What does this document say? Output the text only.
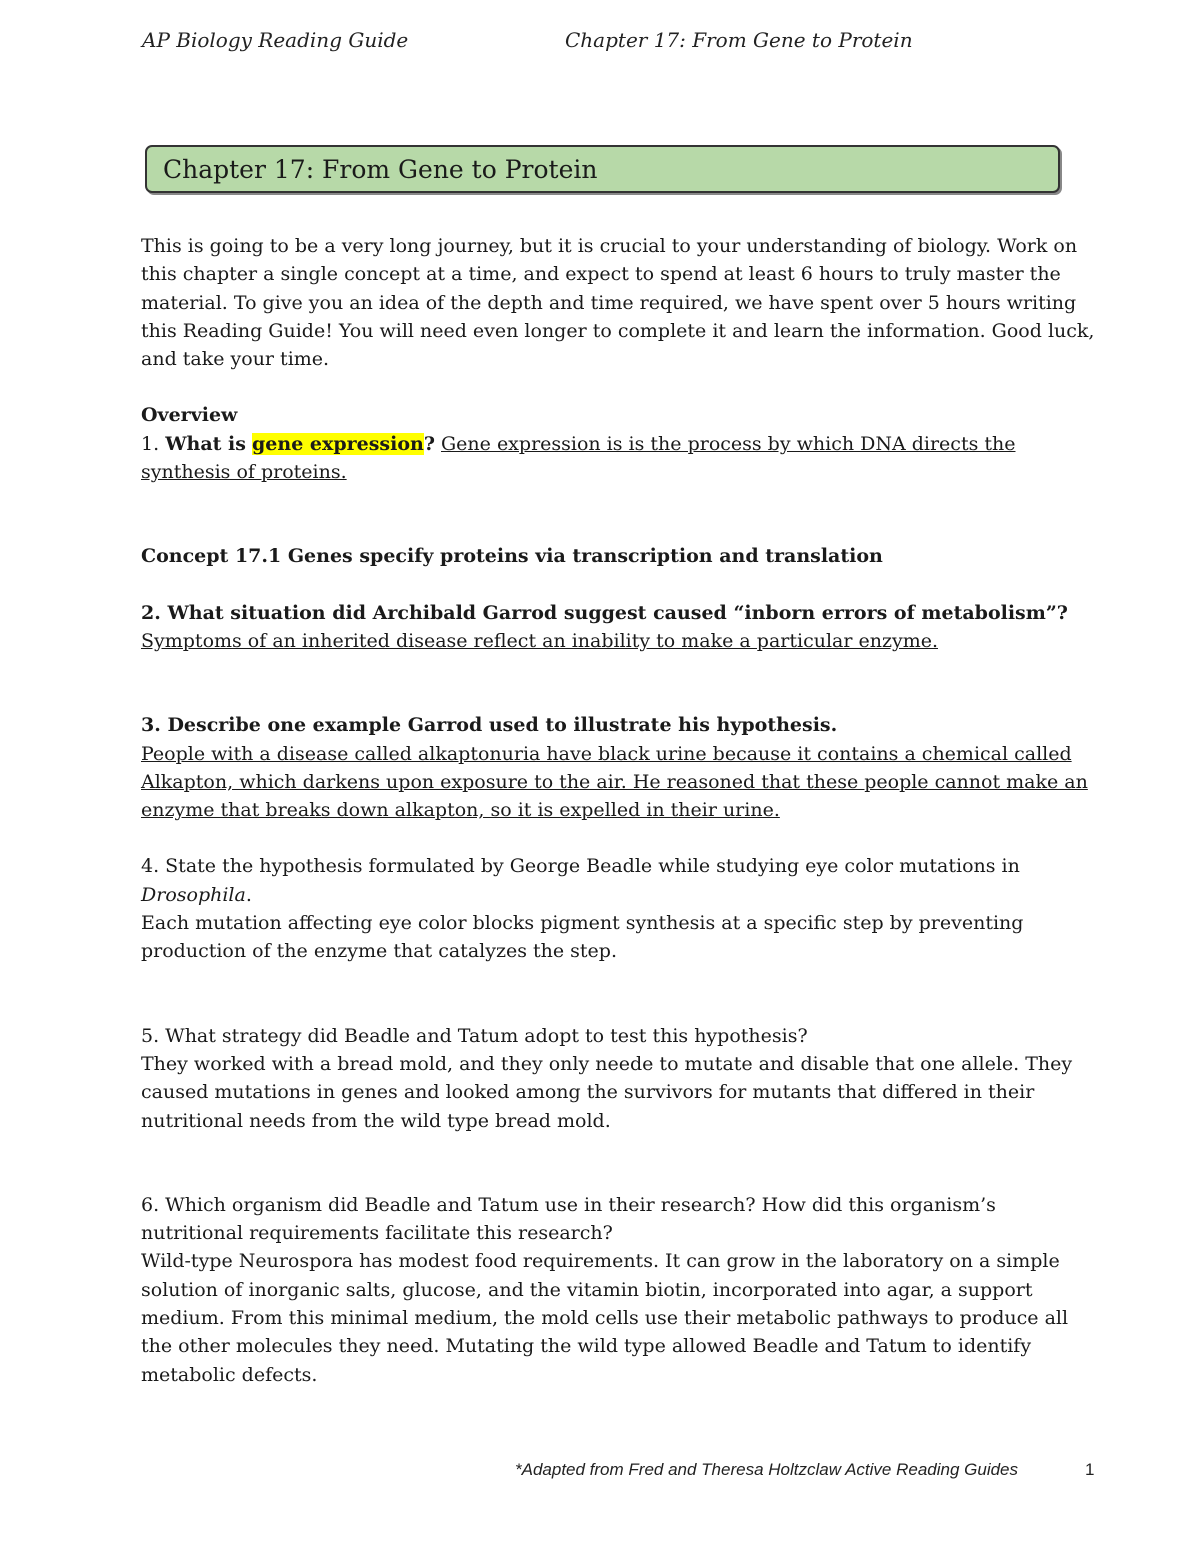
AP Biology Reading Guide	Chapter 17: From Gene to Protein
Chapter 17: From Gene to Protein

This is going to be a very long journey, but it is crucial to your understanding of biology. Work on this chapter a single concept at a time, and expect to spend at least 6 hours to truly master the material. To give you an idea of the depth and time required, we have spent over 5 hours writing this Reading Guide! You will need even longer to complete it and learn the information. Good luck, and take your time.

Overview

1. What is gene expression? Gene expression is is the process by which DNA directs the synthesis of proteins.

Concept 17.1 Genes specify proteins via transcription and translation

2. What situation did Archibald Garrod suggest caused “inborn errors of metabolism”?

Symptoms of an inherited disease reflect an inability to make a particular enzyme.

3. Describe one example Garrod used to illustrate his hypothesis.

People with a disease called alkaptonuria have black urine because it contains a chemical called Alkapton, which darkens upon exposure to the air. He reasoned that these people cannot make an enzyme that breaks down alkapton, so it is expelled in their urine.

4. State the hypothesis formulated by George Beadle while studying eye color mutations in Drosophila.

Each mutation affecting eye color blocks pigment synthesis at a specific step by preventing production of the enzyme that catalyzes the step.

5. What strategy did Beadle and Tatum adopt to test this hypothesis?

They worked with a bread mold, and they only neede to mutate and disable that one allele. They caused mutations in genes and looked among the survivors for mutants that differed in their nutritional needs from the wild type bread mold.

6. Which organism did Beadle and Tatum use in their research? How did this organism’s nutritional requirements facilitate this research?

Wild-type Neurospora has modest food requirements. It can grow in the laboratory on a simple solution of inorganic salts, glucose, and the vitamin biotin, incorporated into agar, a support medium. From this minimal medium, the mold cells use their metabolic pathways to produce all the other molecules they need. Mutating the wild type allowed Beadle and Tatum to identify metabolic defects.

*Adapted from Fred and Theresa Holtzclaw Active Reading Guides	1
